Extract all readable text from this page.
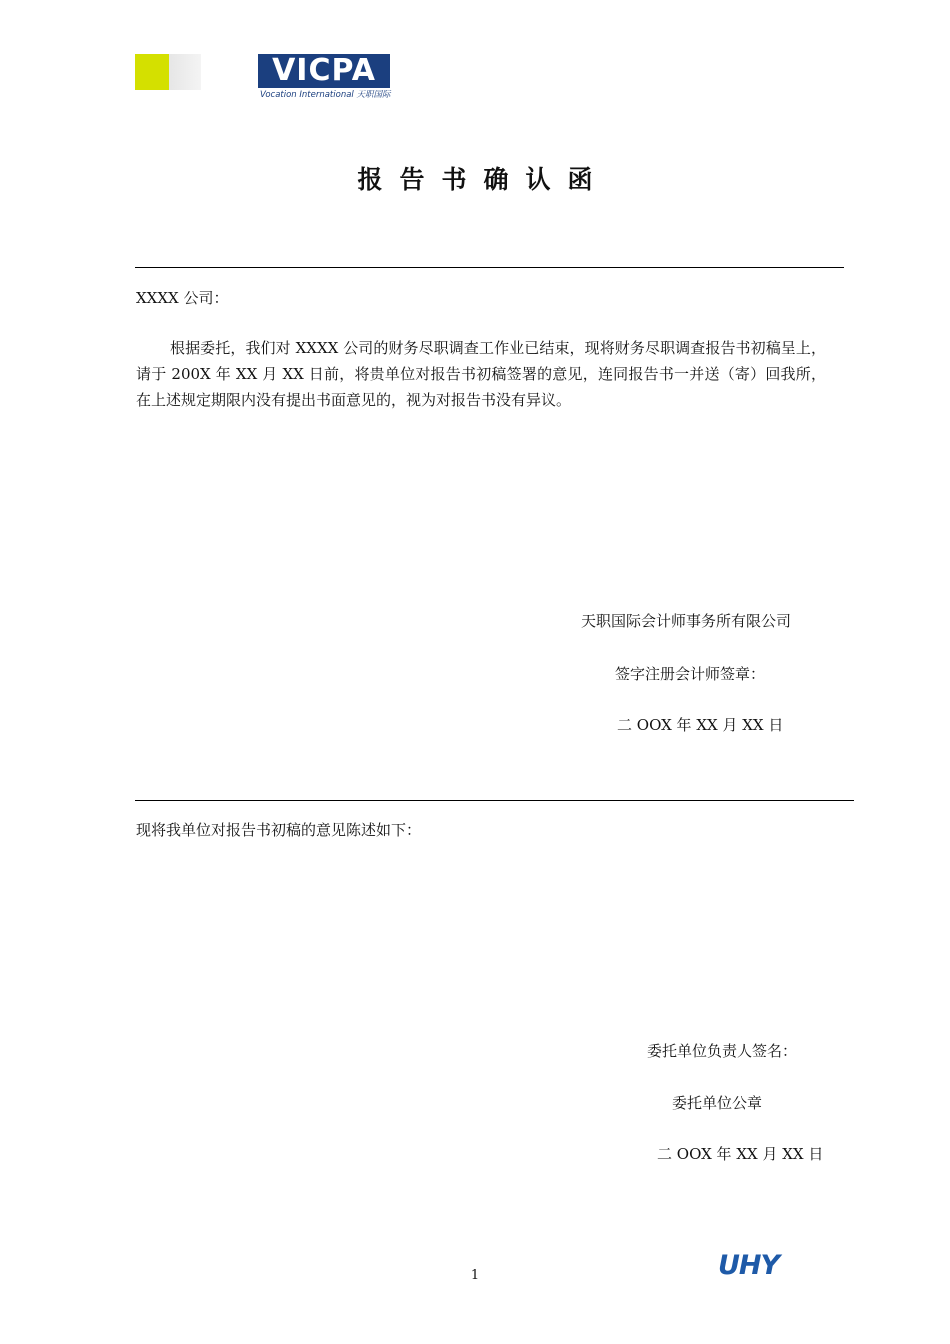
VICPA
Vocation International 天职国际
报告书确认函
XXXX 公司：
根据委托，我们对 XXXX 公司的财务尽职调查工作业已结束，现将财务尽职调查报告书初稿呈上，请于 200X 年 XX 月 XX 日前，将贵单位对报告书初稿签署的意见，连同报告书一并送（寄）回我所，在上述规定期限内没有提出书面意见的，视为对报告书没有异议。
天职国际会计师事务所有限公司
签字注册会计师签章：
二 OOX 年 XX 月 XX 日
现将我单位对报告书初稿的意见陈述如下：
委托单位负责人签名：
委托单位公章
二 OOX 年 XX 月 XX 日
1	UHY
